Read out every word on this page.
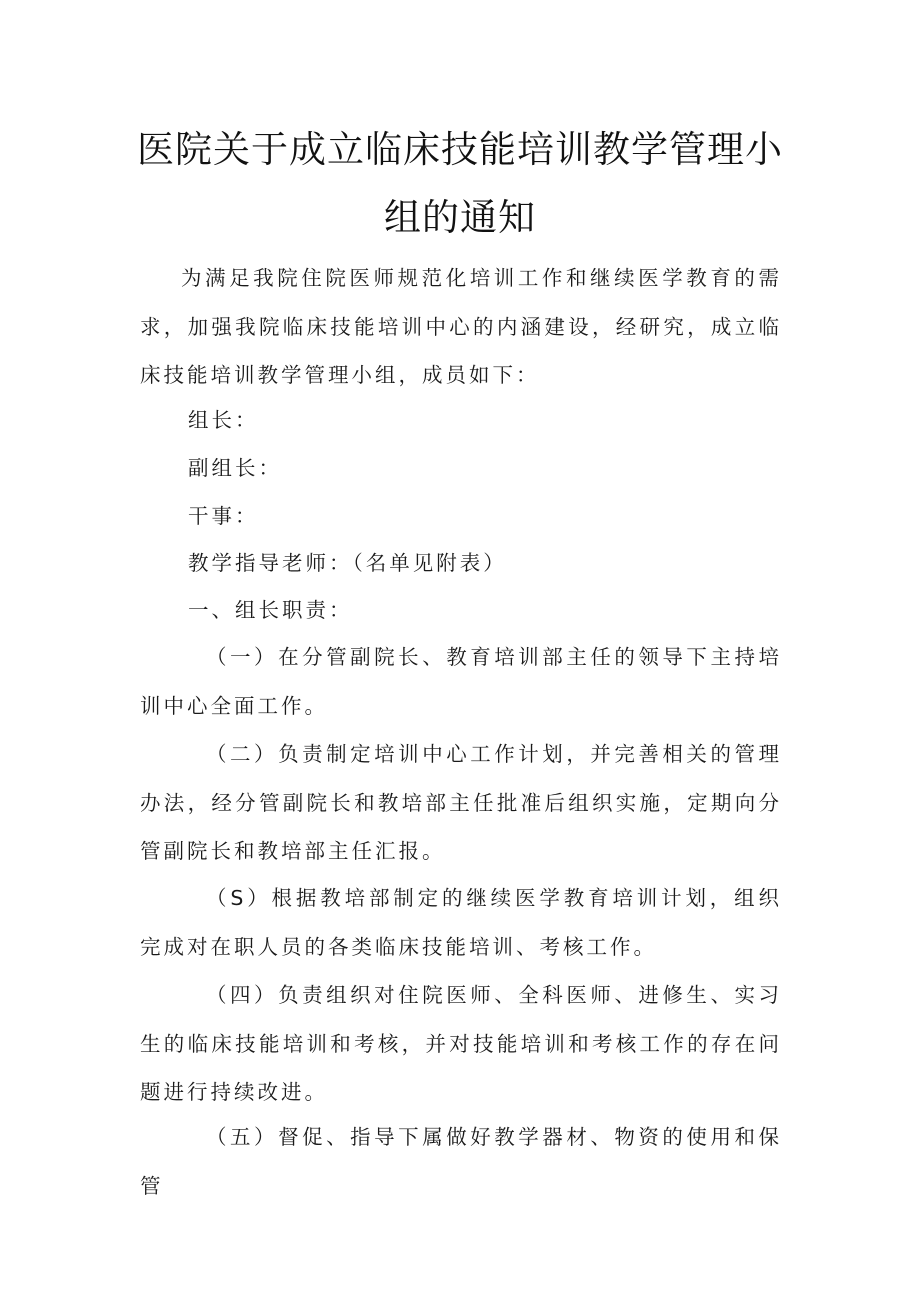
医院关于成立临床技能培训教学管理小
组的通知

为满足我院住院医师规范化培训工作和继续医学教育的需求，加强我院临床技能培训中心的内涵建设，经研究，成立临床技能培训教学管理小组，成员如下：

组长：

副组长：

干事：

教学指导老师：（名单见附表）

一、组长职责：

（一）在分管副院长、教育培训部主任的领导下主持培训中心全面工作。

（二）负责制定培训中心工作计划，并完善相关的管理办法，经分管副院长和教培部主任批准后组织实施，定期向分管副院长和教培部主任汇报。

（S）根据教培部制定的继续医学教育培训计划，组织完成对在职人员的各类临床技能培训、考核工作。

（四）负责组织对住院医师、全科医师、进修生、实习生的临床技能培训和考核，并对技能培训和考核工作的存在问题进行持续改进。

（五）督促、指导下属做好教学器材、物资的使用和保管
